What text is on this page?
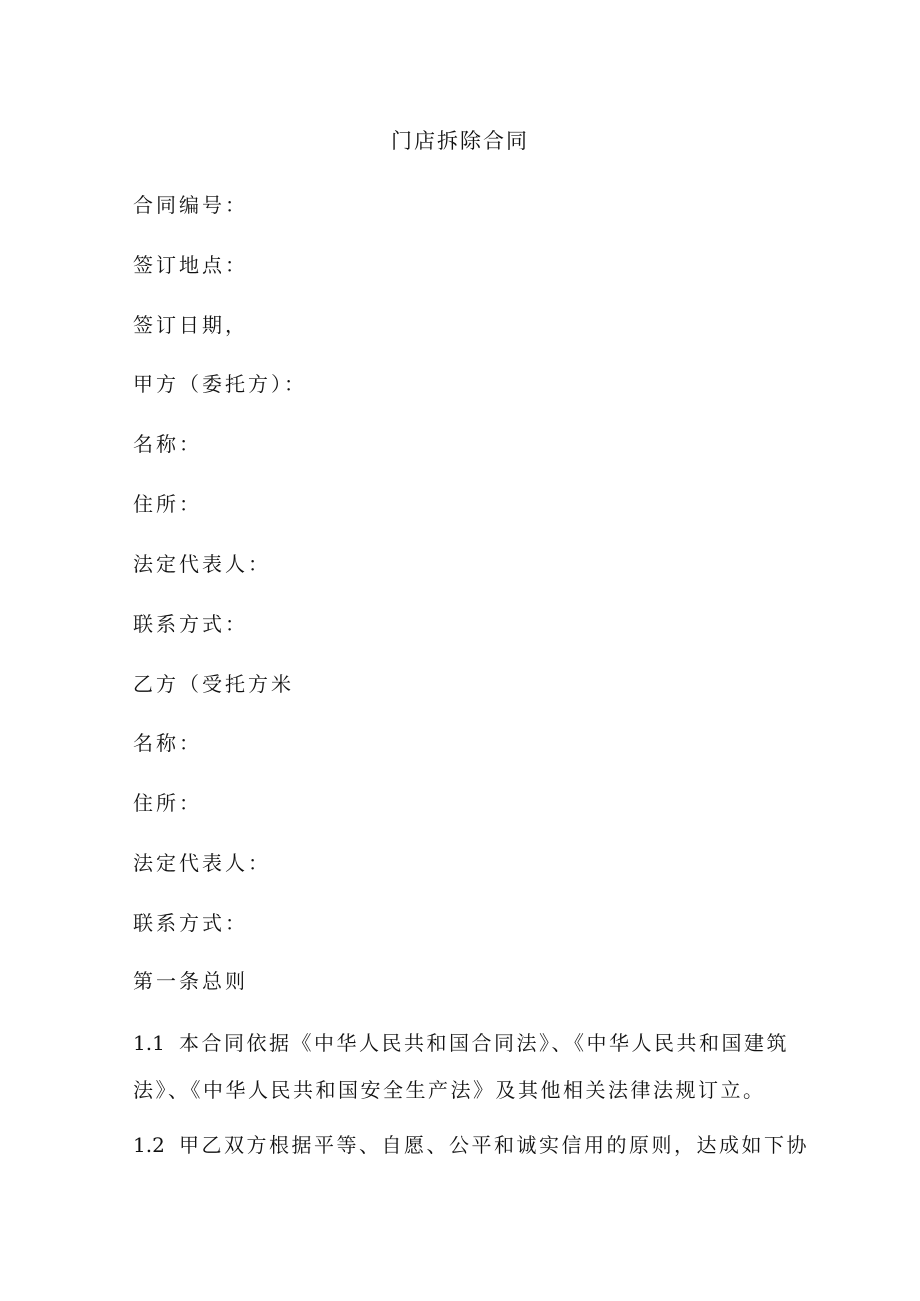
门店拆除合同
合同编号：
签订地点：
签订日期，
甲方（委托方）：
名称：
住所：
法定代表人：
联系方式：
乙方（受托方米
名称：
住所：
法定代表人：
联系方式：
第一条总则
1.1 本合同依据《中华人民共和国合同法》、《中华人民共和国建筑
法》、《中华人民共和国安全生产法》及其他相关法律法规订立。
1.2 甲乙双方根据平等、自愿、公平和诚实信用的原则，达成如下协
